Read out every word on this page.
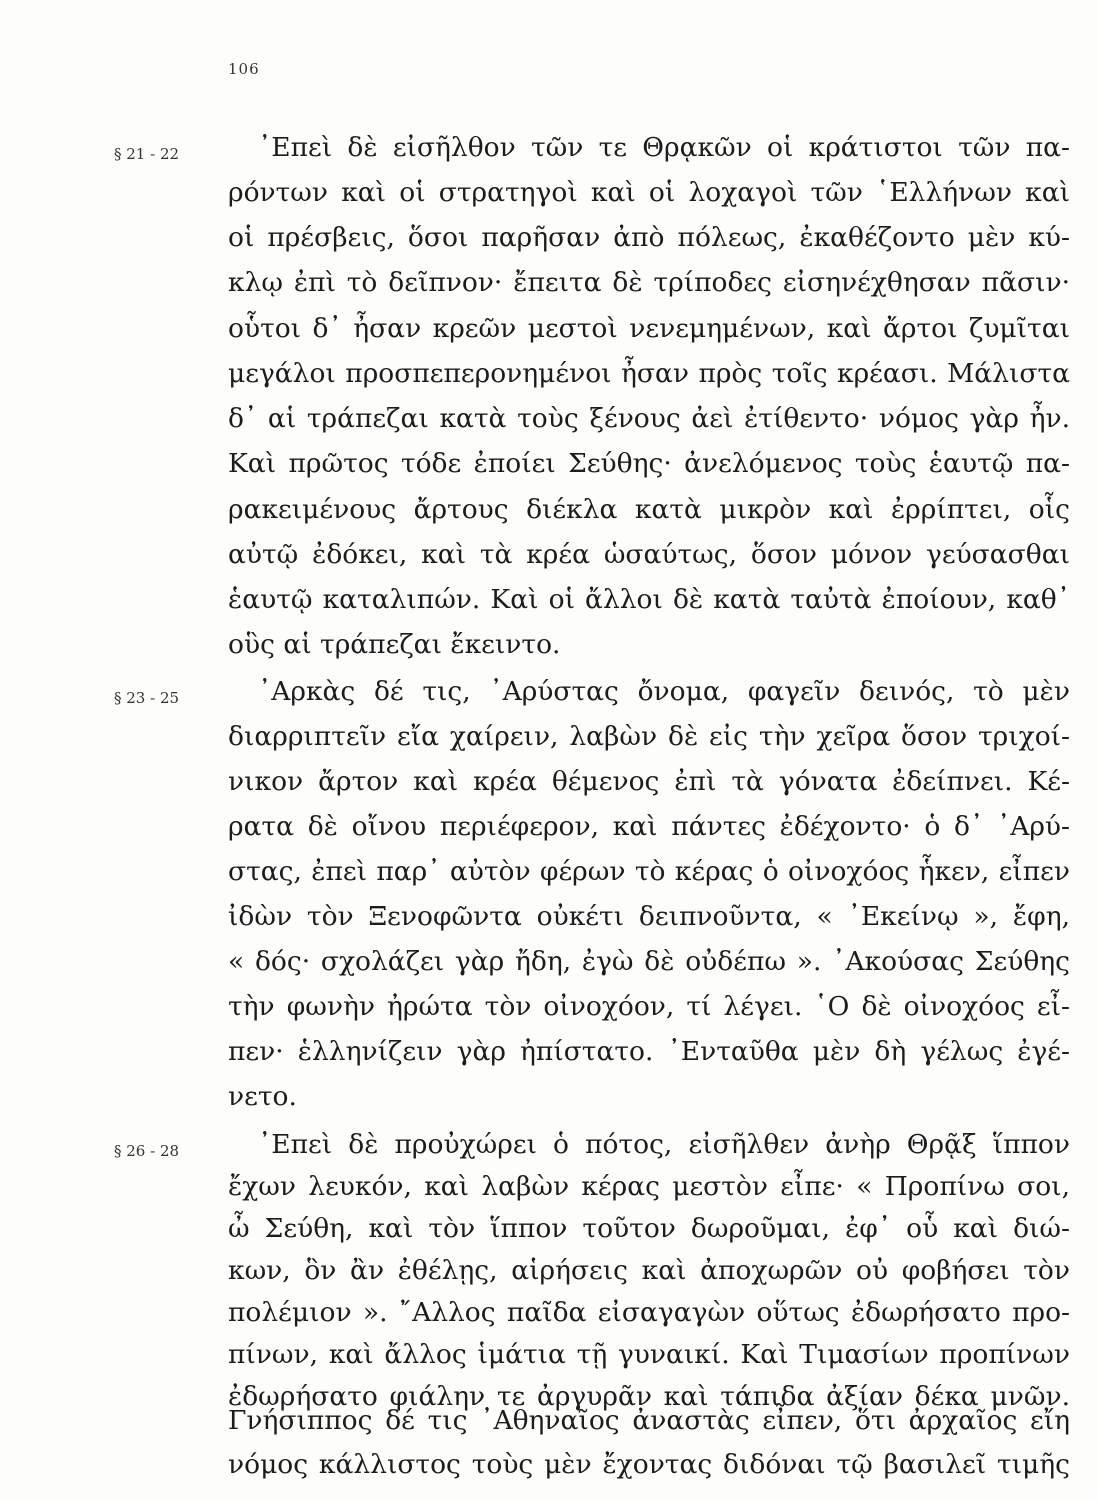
106
§ 21 - 22	᾿Επεὶ δὲ εἰσῆλθον τῶν τε Θρᾳκῶν οἱ κράτιστοι τῶν πα-
ρόντων καὶ οἱ στρατηγοὶ καὶ οἱ λοχαγοὶ τῶν ῾Ελλήνων καὶ
οἱ πρέσβεις, ὅσοι παρῆσαν ἀπὸ πόλεως, ἐκαθέζοντο μὲν κύ-
κλῳ ἐπὶ τὸ δεῖπνον· ἔπειτα δὲ τρίποδες εἰσηνέχθησαν πᾶσιν·
οὗτοι δ᾿ ἦσαν κρεῶν μεστοὶ νενεμημένων, καὶ ἄρτοι ζυμῖται
μεγάλοι προσπεπερονημένοι ἦσαν πρὸς τοῖς κρέασι. Μάλιστα
δ᾿ αἱ τράπεζαι κατὰ τοὺς ξένους ἀεὶ ἐτίθεντο· νόμος γὰρ ἦν.
Καὶ πρῶτος τόδε ἐποίει Σεύθης· ἀνελόμενος τοὺς ἑαυτῷ πα-
ρακειμένους ἄρτους διέκλα κατὰ μικρὸν καὶ ἐρρίπτει, οἷς
αὐτῷ ἐδόκει, καὶ τὰ κρέα ὡσαύτως, ὅσον μόνον γεύσασθαι
ἑαυτῷ καταλιπών. Καὶ οἱ ἄλλοι δὲ κατὰ ταὐτὰ ἐποίουν, καθ᾿
οὓς αἱ τράπεζαι ἔκειντο.
§ 23 - 25	᾿Αρκὰς δέ τις, ᾿Αρύστας ὄνομα, φαγεῖν δεινός, τὸ μὲν
διαρριπτεῖν εἴα χαίρειν, λαβὼν δὲ εἰς τὴν χεῖρα ὅσον τριχοί-
νικον ἄρτον καὶ κρέα θέμενος ἐπὶ τὰ γόνατα ἐδείπνει. Κέ-
ρατα δὲ οἴνου περιέφερον, καὶ πάντες ἐδέχοντο· ὁ δ᾿ ᾿Αρύ-
στας, ἐπεὶ παρ᾿ αὐτὸν φέρων τὸ κέρας ὁ οἰνοχόος ἧκεν, εἶπεν
ἰδὼν τὸν Ξενοφῶντα οὐκέτι δειπνοῦντα, « ᾿Εκείνῳ », ἔφη,
« δός· σχολάζει γὰρ ἤδη, ἐγὼ δὲ οὐδέπω ». ᾿Ακούσας Σεύθης
τὴν φωνὴν ἠρώτα τὸν οἰνοχόον, τί λέγει. ῾Ο δὲ οἰνοχόος εἶ-
πεν· ἑλληνίζειν γὰρ ἠπίστατο. ᾿Ενταῦθα μὲν δὴ γέλως ἐγέ-
νετο.
§ 26 - 28	᾿Επεὶ δὲ προὐχώρει ὁ πότος, εἰσῆλθεν ἀνὴρ Θρᾷξ ἵππον
ἔχων λευκόν, καὶ λαβὼν κέρας μεστὸν εἶπε· « Προπίνω σοι,
ὦ Σεύθη, καὶ τὸν ἵππον τοῦτον δωροῦμαι, ἐφ᾿ οὗ καὶ διώ-
κων, ὃν ἂν ἐθέλῃς, αἱρήσεις καὶ ἀποχωρῶν οὐ φοβήσει τὸν
πολέμιον ». ῎Αλλος παῖδα εἰσαγαγὼν οὕτως ἐδωρήσατο προ-
πίνων, καὶ ἄλλος ἱμάτια τῇ γυναικί. Καὶ Τιμασίων προπίνων
ἐδωρήσατο φιάλην τε ἀργυρᾶν καὶ τάπιδα ἀξίαν δέκα μνῶν.
Γνήσιππος δέ τις ᾿Αθηναῖος ἀναστὰς εἶπεν, ὅτι ἀρχαῖος εἴη
νόμος κάλλιστος τοὺς μὲν ἔχοντας διδόναι τῷ βασιλεῖ τιμῆς
